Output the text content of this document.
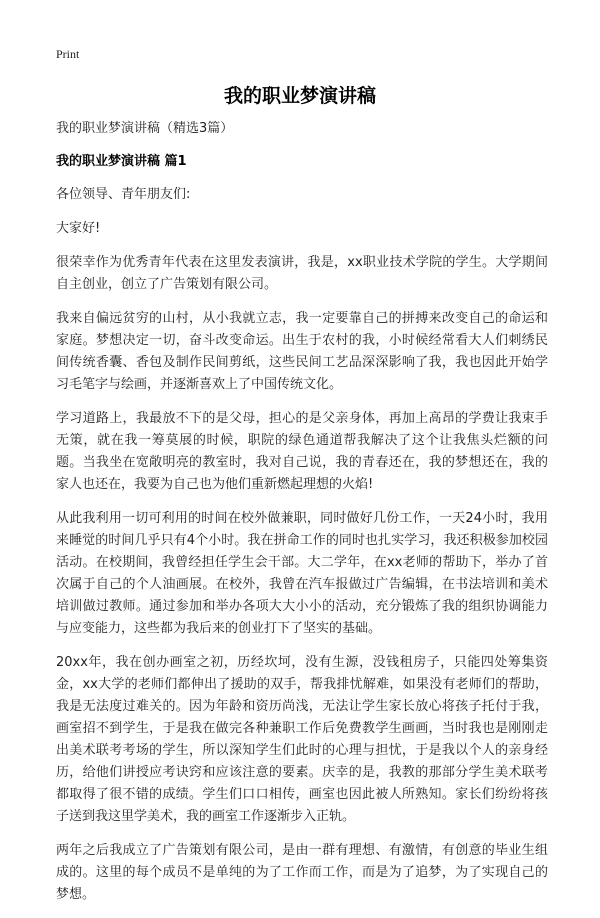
Print
我的职业梦演讲稿
我的职业梦演讲稿（精选3篇）
我的职业梦演讲稿 篇1
各位领导、青年朋友们:
大家好!

很荣幸作为优秀青年代表在这里发表演讲，我是，xx职业技术学院的学生。大学期间自主创业，创立了广告策划有限公司。

我来自偏远贫穷的山村，从小我就立志，我一定要靠自己的拼搏来改变自己的命运和家庭。梦想决定一切，奋斗改变命运。出生于农村的我，小时候经常看大人们刺绣民间传统香囊、香包及制作民间剪纸，这些民间工艺品深深影响了我，我也因此开始学习毛笔字与绘画，并逐渐喜欢上了中国传统文化。

学习道路上，我最放不下的是父母，担心的是父亲身体，再加上高昂的学费让我束手无策，就在我一筹莫展的时候，职院的绿色通道帮我解决了这个让我焦头烂额的问题。当我坐在宽敞明亮的教室时，我对自己说，我的青春还在，我的梦想还在，我的家人也还在，我要为自己也为他们重新燃起理想的火焰!

从此我利用一切可利用的时间在校外做兼职，同时做好几份工作，一天24小时，我用来睡觉的时间几乎只有4个小时。我在拼命工作的同时也扎实学习，我还积极参加校园活动。在校期间，我曾经担任学生会干部。大二学年，在xx老师的帮助下，举办了首次属于自己的个人油画展。在校外，我曾在汽车报做过广告编辑，在书法培训和美术培训做过教师。通过参加和举办各项大大小小的活动，充分锻炼了我的组织协调能力与应变能力，这些都为我后来的创业打下了坚实的基础。

20xx年，我在创办画室之初，历经坎坷，没有生源，没钱租房子，只能四处筹集资金，xx大学的老师们都伸出了援助的双手，帮我排忧解难，如果没有老师们的帮助，我是无法度过难关的。因为年龄和资历尚浅，无法让学生家长放心将孩子托付于我，画室招不到学生，于是我在做完各种兼职工作后免费教学生画画，当时我也是刚刚走出美术联考考场的学生，所以深知学生们此时的心理与担忧，于是我以个人的亲身经历，给他们讲授应考诀窍和应该注意的要素。庆幸的是，我教的那部分学生美术联考都取得了很不错的成绩。学生们口口相传，画室也因此被人所熟知。家长们纷纷将孩子送到我这里学美术，我的画室工作逐渐步入正轨。

两年之后我成立了广告策划有限公司，是由一群有理想、有激情，有创意的毕业生组成的。这里的每个成员不是单纯的为了工作而工作，而是为了追梦，为了实现自己的梦想。
